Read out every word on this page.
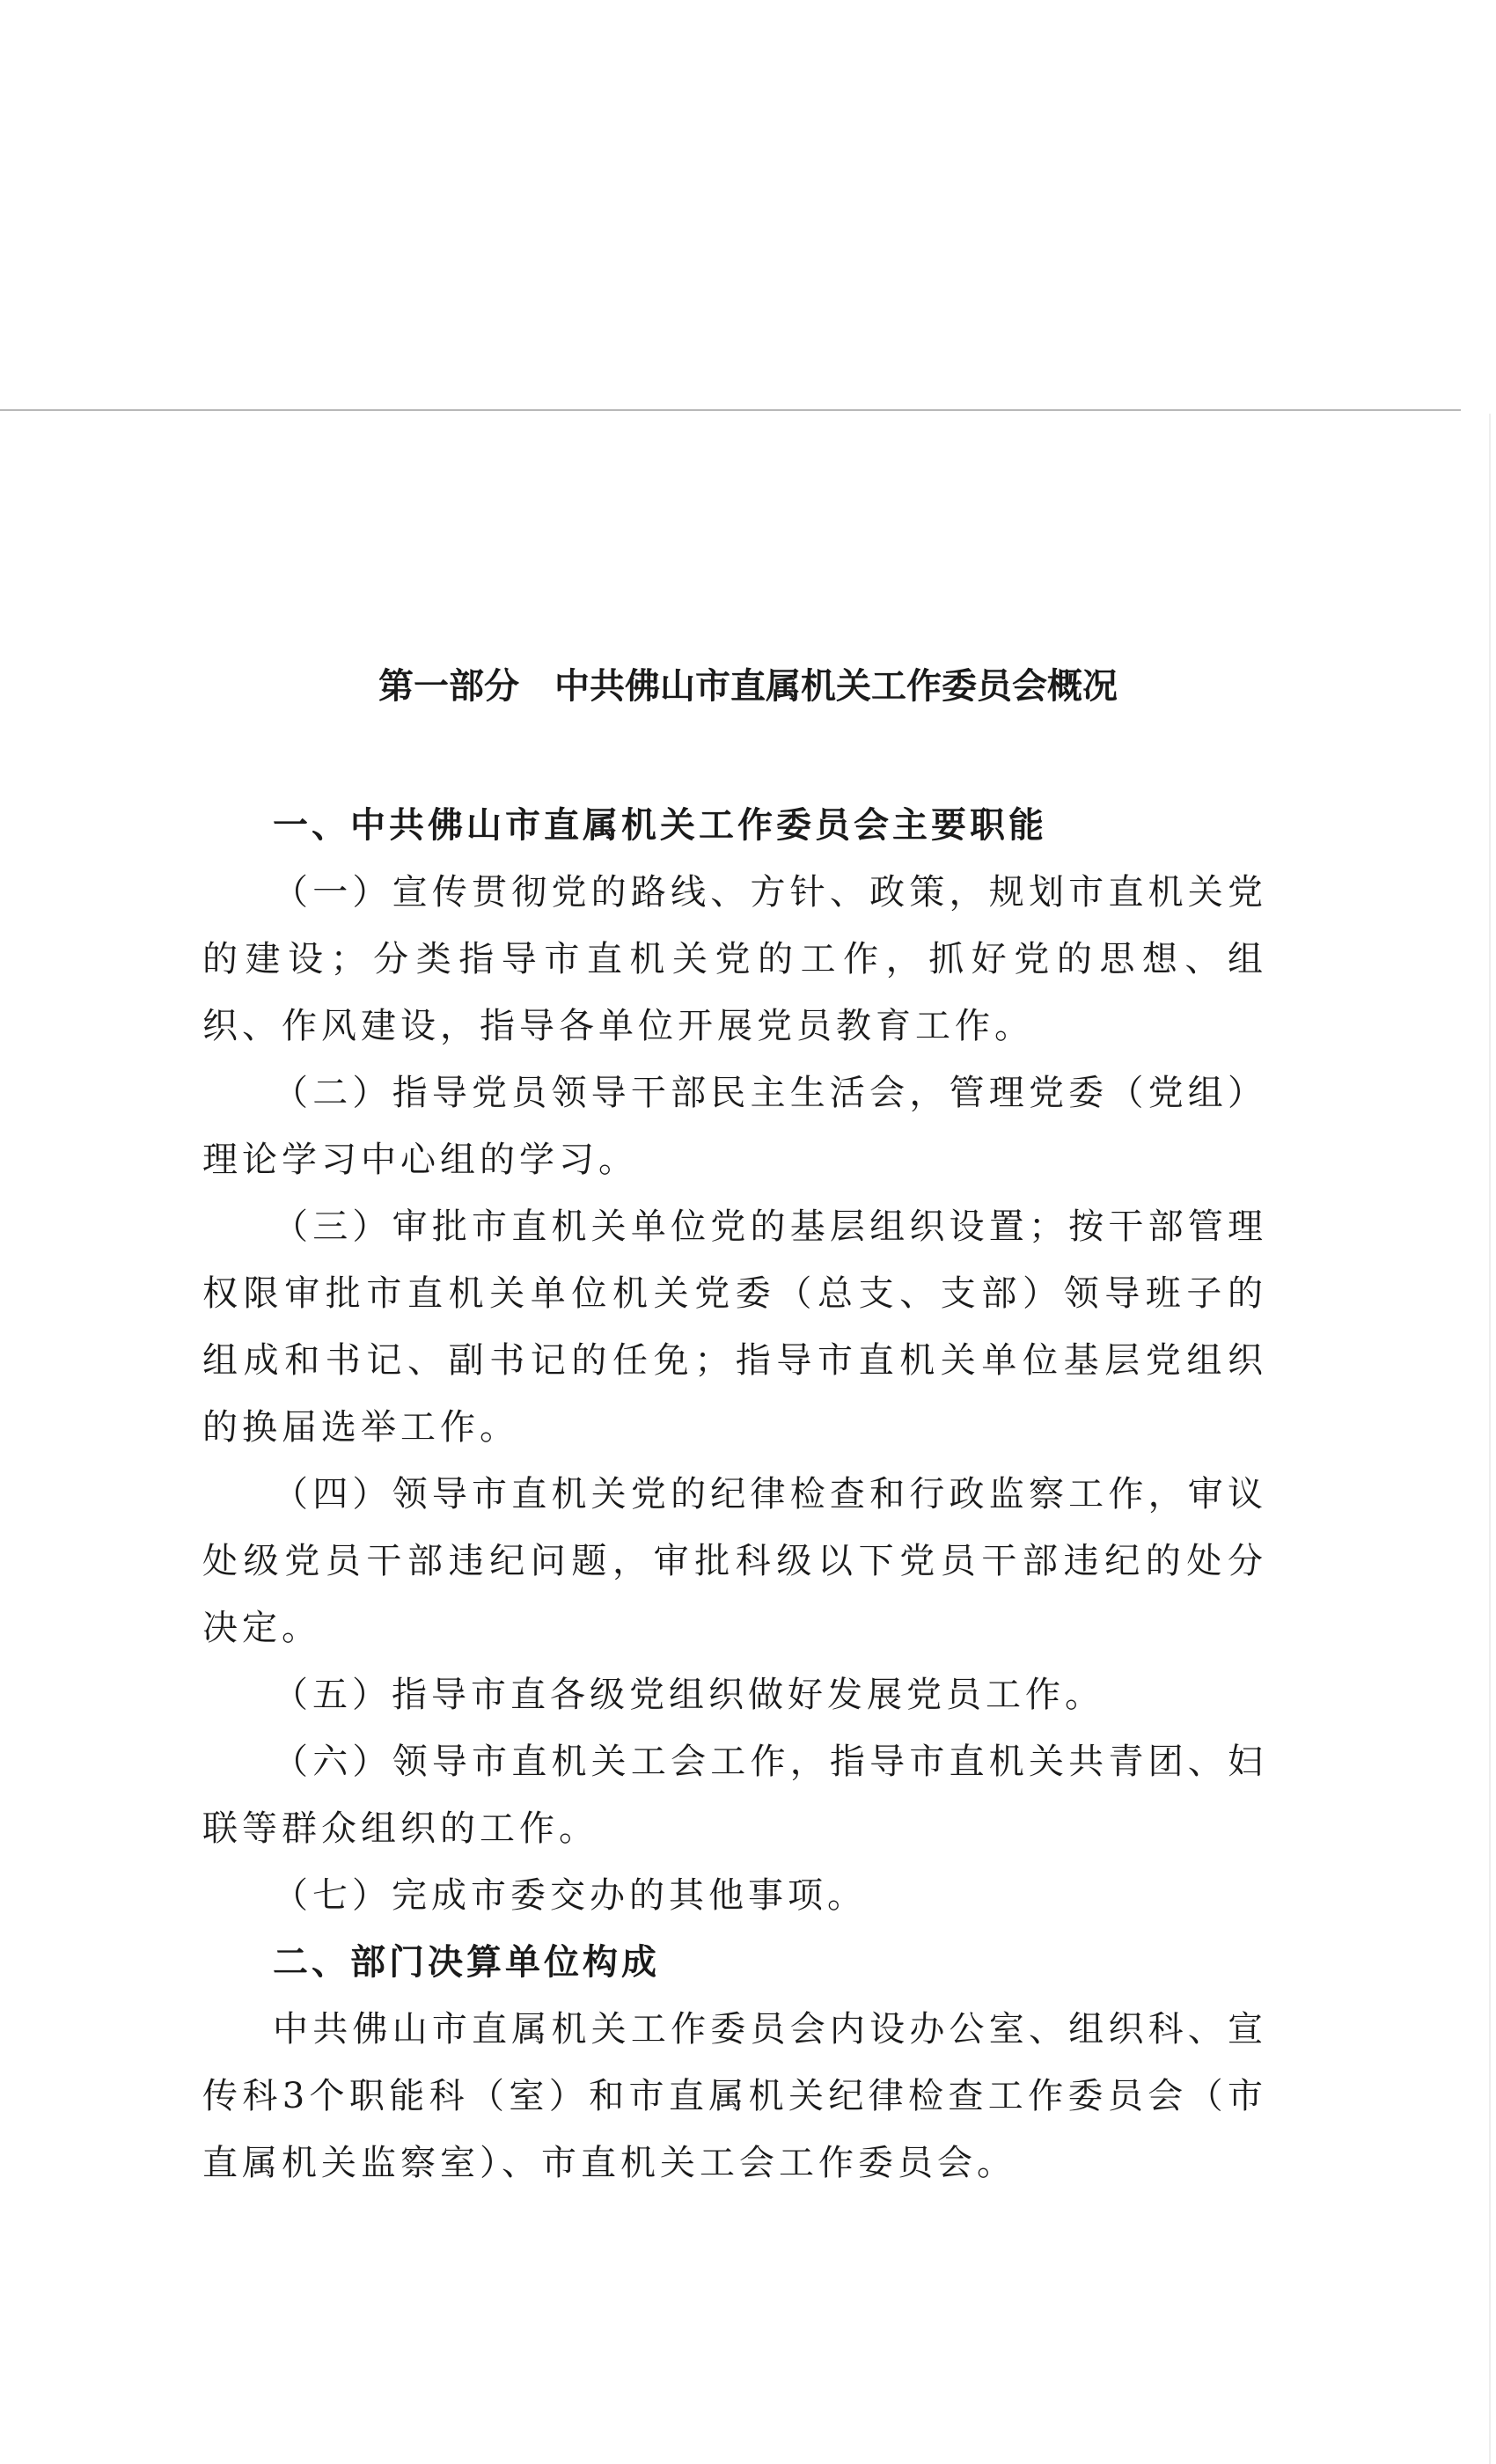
第一部分　中共佛山市直属机关工作委员会概况
一、中共佛山市直属机关工作委员会主要职能

（一）宣传贯彻党的路线、方针、政策，规划市直机关党的建设；分类指导市直机关党的工作，抓好党的思想、组织、作风建设，指导各单位开展党员教育工作。

（二）指导党员领导干部民主生活会，管理党委（党组）理论学习中心组的学习。

（三）审批市直机关单位党的基层组织设置；按干部管理权限审批市直机关单位机关党委（总支、支部）领导班子的组成和书记、副书记的任免；指导市直机关单位基层党组织的换届选举工作。

（四）领导市直机关党的纪律检查和行政监察工作，审议处级党员干部违纪问题，审批科级以下党员干部违纪的处分决定。

（五）指导市直各级党组织做好发展党员工作。

（六）领导市直机关工会工作，指导市直机关共青团、妇联等群众组织的工作。

（七）完成市委交办的其他事项。

二、部门决算单位构成

中共佛山市直属机关工作委员会内设办公室、组织科、宣传科3个职能科（室）和市直属机关纪律检查工作委员会（市直属机关监察室）、市直机关工会工作委员会。
